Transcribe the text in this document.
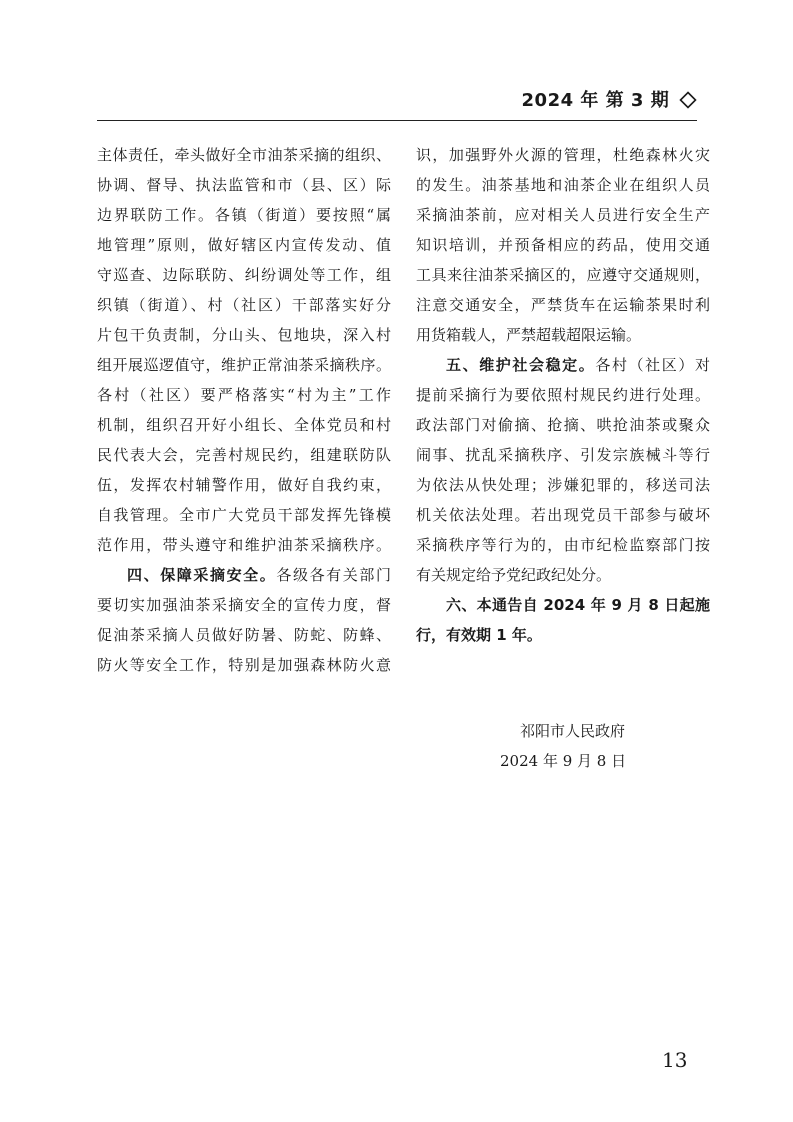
2024 年 第 3 期
主体责任，牵头做好全市油茶采摘的组织、
协调、督导、执法监管和市（县、区）际
边界联防工作。各镇（街道）要按照“属
地管理”原则，做好辖区内宣传发动、值
守巡查、边际联防、纠纷调处等工作，组
织镇（街道）、村（社区）干部落实好分
片包干负责制，分山头、包地块，深入村
组开展巡逻值守，维护正常油茶采摘秩序。
各村（社区）要严格落实“村为主”工作
机制，组织召开好小组长、全体党员和村
民代表大会，完善村规民约，组建联防队
伍，发挥农村辅警作用，做好自我约束，
自我管理。全市广大党员干部发挥先锋模
范作用，带头遵守和维护油茶采摘秩序。
四、保障采摘安全。各级各有关部门
要切实加强油茶采摘安全的宣传力度，督
促油茶采摘人员做好防暑、防蛇、防蜂、
防火等安全工作，特别是加强森林防火意
识，加强野外火源的管理，杜绝森林火灾
的发生。油茶基地和油茶企业在组织人员
采摘油茶前，应对相关人员进行安全生产
知识培训，并预备相应的药品，使用交通
工具来往油茶采摘区的，应遵守交通规则，
注意交通安全，严禁货车在运输茶果时利
用货箱载人，严禁超载超限运输。
五、维护社会稳定。各村（社区）对
提前采摘行为要依照村规民约进行处理。
政法部门对偷摘、抢摘、哄抢油茶或聚众
闹事、扰乱采摘秩序、引发宗族械斗等行
为依法从快处理；涉嫌犯罪的，移送司法
机关依法处理。若出现党员干部参与破坏
采摘秩序等行为的，由市纪检监察部门按
有关规定给予党纪政纪处分。
六、本通告自 2024 年 9 月 8 日起施
行，有效期 1 年。
祁阳市人民政府
2024 年 9 月 8 日
13
